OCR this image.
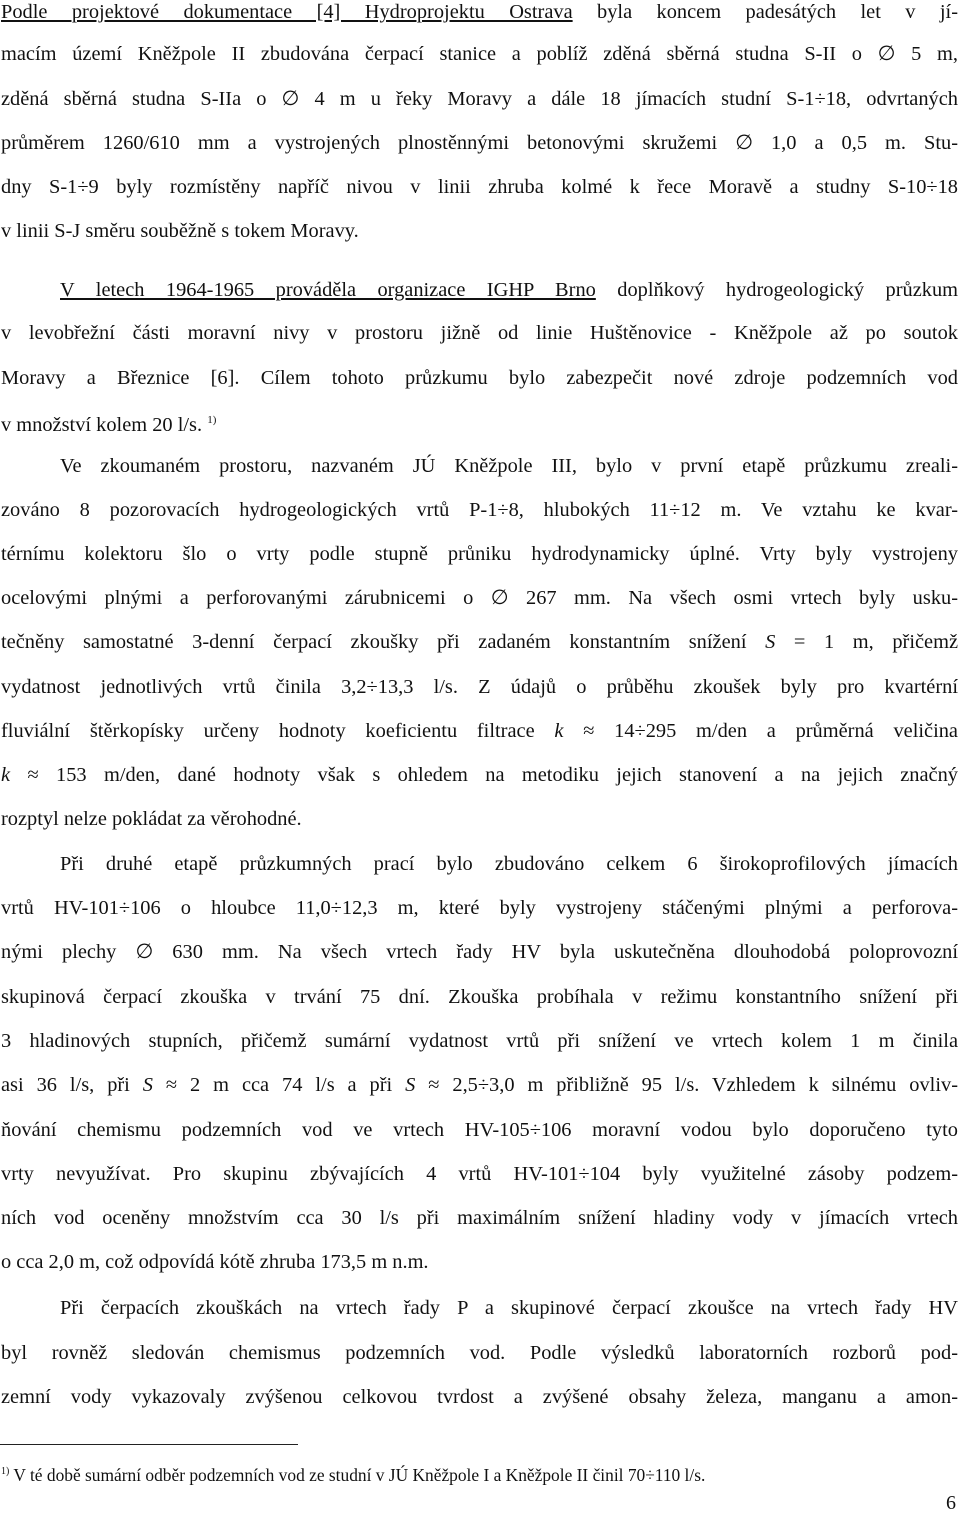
Podle projektové dokumentace [4] Hydroprojektu Ostrava byla koncem padesátých let v jí-
macím území Kněžpole II zbudována čerpací stanice a poblíž zděná sběrná studna S-II o ∅ 5 m,
zděná sběrná studna S-IIa o ∅ 4 m u řeky Moravy a dále 18 jímacích studní S-1÷18, odvrtaných
průměrem 1260/610 mm a vystrojených plnostěnnými betonovými skružemi ∅ 1,0 a 0,5 m. Stu-
dny S-1÷9 byly rozmístěny napříč nivou v linii zhruba kolmé k řece Moravě a studny S-10÷18
v linii S-J směru souběžně s tokem Moravy.
V letech 1964-1965 prováděla organizace IGHP Brno doplňkový hydrogeologický průzkum
v levobřežní části moravní nivy v prostoru jižně od linie Huštěnovice - Kněžpole až po soutok
Moravy a Březnice [6]. Cílem tohoto průzkumu bylo zabezpečit nové zdroje podzemních vod
v množství kolem 20 l/s. $^{1)}$
Ve zkoumaném prostoru, nazvaném JÚ Kněžpole III, bylo v první etapě průzkumu zreali-
zováno 8 pozorovacích hydrogeologických vrtů P-1÷8, hlubokých 11÷12 m. Ve vztahu ke kvar-
térnímu kolektoru šlo o vrty podle stupně průniku hydrodynamicky úplné. Vrty byly vystrojeny
ocelovými plnými a perforovanými zárubnicemi o ∅ 267 mm. Na všech osmi vrtech byly usku-
tečněny samostatné 3-denní čerpací zkoušky při zadaném konstantním snížení S = 1 m, přičemž
vydatnost jednotlivých vrtů činila 3,2÷13,3 l/s. Z údajů o průběhu zkoušek byly pro kvartérní
fluviální štěrkopísky určeny hodnoty koeficientu filtrace k ≈ 14÷295 m/den a průměrná veličina
k ≈ 153 m/den, dané hodnoty však s ohledem na metodiku jejich stanovení a na jejich značný
rozptyl nelze pokládat za věrohodné.
Při druhé etapě průzkumných prací bylo zbudováno celkem 6 širokoprofilových jímacích
vrtů HV-101÷106 o hloubce 11,0÷12,3 m, které byly vystrojeny stáčenými plnými a perforova-
nými plechy ∅ 630 mm. Na všech vrtech řady HV byla uskutečněna dlouhodobá poloprovozní
skupinová čerpací zkouška v trvání 75 dní. Zkouška probíhala v režimu konstantního snížení při
3 hladinových stupních, přičemž sumární vydatnost vrtů při snížení ve vrtech kolem 1 m činila
asi 36 l/s, při S ≈ 2 m cca 74 l/s a při S ≈ 2,5÷3,0 m přibližně 95 l/s. Vzhledem k silnému ovliv-
ňování chemismu podzemních vod ve vrtech HV-105÷106 moravní vodou bylo doporučeno tyto
vrty nevyužívat. Pro skupinu zbývajících 4 vrtů HV-101÷104 byly využitelné zásoby podzem-
ních vod oceněny množstvím cca 30 l/s při maximálním snížení hladiny vody v jímacích vrtech
o cca 2,0 m, což odpovídá kótě zhruba 173,5 m n.m.
Při čerpacích zkouškách na vrtech řady P a skupinové čerpací zkoušce na vrtech řady HV
byl rovněž sledován chemismus podzemních vod. Podle výsledků laboratorních rozborů pod-
zemní vody vykazovaly zvýšenou celkovou tvrdost a zvýšené obsahy železa, manganu a amon-
$^{1)}$ V té době sumární odběr podzemních vod ze studní v JÚ Kněžpole I a Kněžpole II činil 70÷110 l/s.
6
